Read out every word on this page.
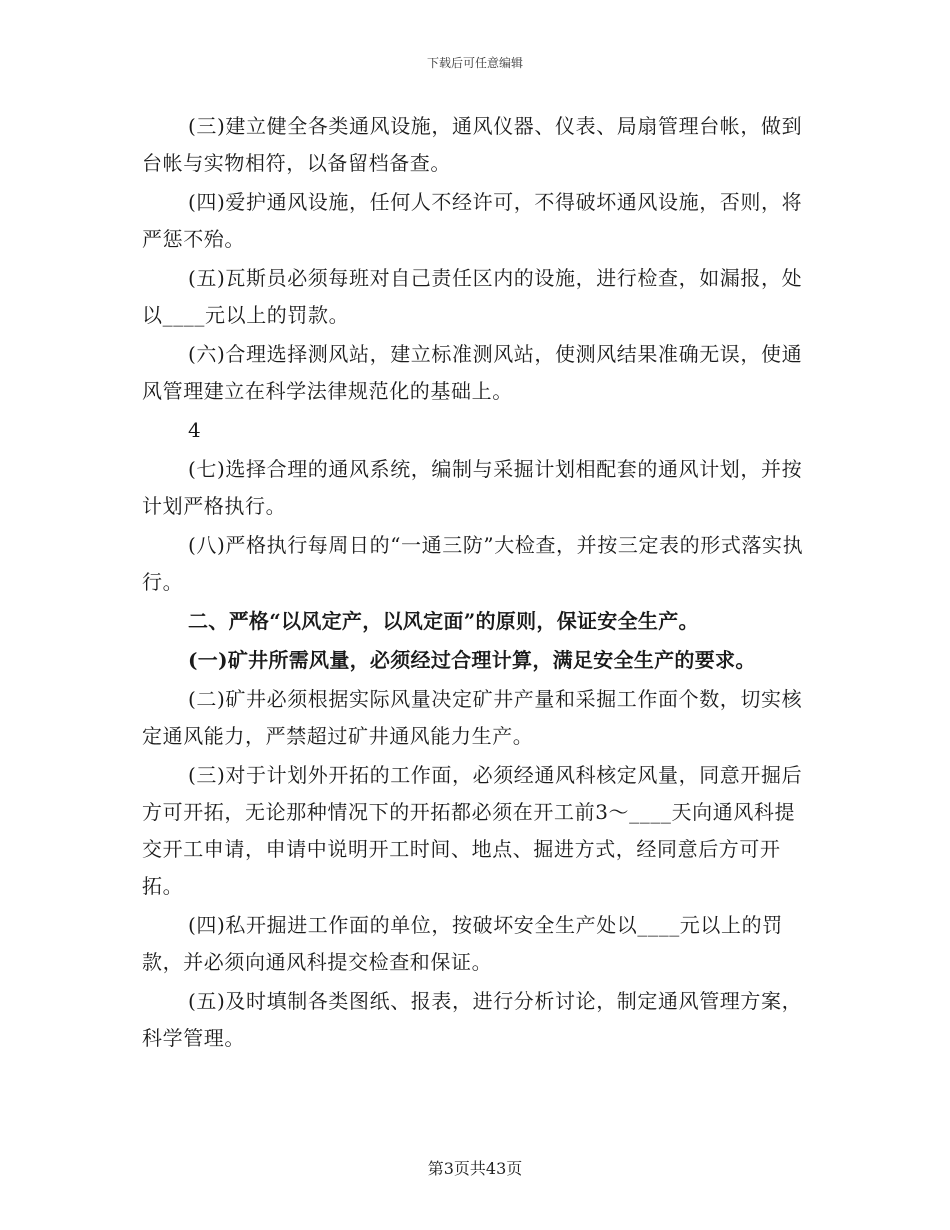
下载后可任意编辑

(三)建立健全各类通风设施，通风仪器、仪表、局扇管理台帐，做到台帐与实物相符，以备留档备查。

(四)爱护通风设施，任何人不经许可，不得破坏通风设施，否则，将严惩不殆。

(五)瓦斯员必须每班对自己责任区内的设施，进行检查，如漏报，处以____元以上的罚款。

(六)合理选择测风站，建立标准测风站，使测风结果准确无误，使通风管理建立在科学法律规范化的基础上。

4

(七)选择合理的通风系统，编制与采掘计划相配套的通风计划，并按计划严格执行。

(八)严格执行每周日的“一通三防”大检查，并按三定表的形式落实执行。

二、严格“以风定产，以风定面”的原则，保证安全生产。

(一)矿井所需风量，必须经过合理计算，满足安全生产的要求。

(二)矿井必须根据实际风量决定矿井产量和采掘工作面个数，切实核定通风能力，严禁超过矿井通风能力生产。

(三)对于计划外开拓的工作面，必须经通风科核定风量，同意开掘后方可开拓，无论那种情况下的开拓都必须在开工前3～____天向通风科提交开工申请，申请中说明开工时间、地点、掘进方式，经同意后方可开拓。

(四)私开掘进工作面的单位，按破坏安全生产处以____元以上的罚款，并必须向通风科提交检查和保证。

(五)及时填制各类图纸、报表，进行分析讨论，制定通风管理方案，科学管理。

第3页共43页
